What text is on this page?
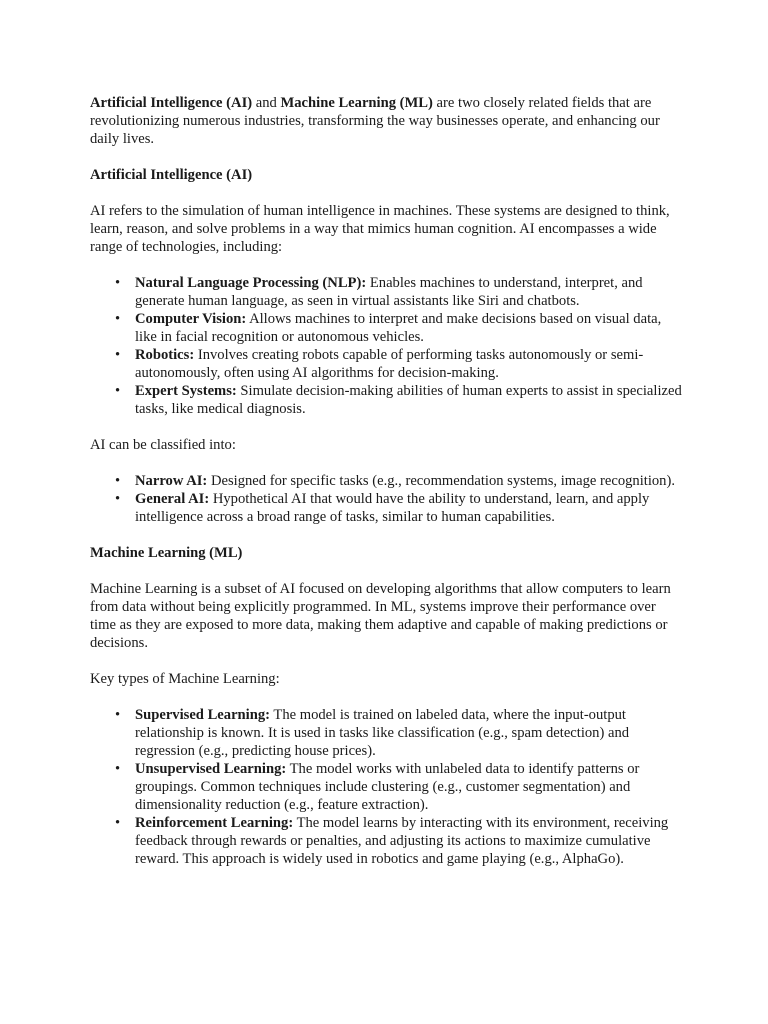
Artificial Intelligence (AI) and Machine Learning (ML) are two closely related fields that are revolutionizing numerous industries, transforming the way businesses operate, and enhancing our daily lives.

Artificial Intelligence (AI)

AI refers to the simulation of human intelligence in machines. These systems are designed to think, learn, reason, and solve problems in a way that mimics human cognition. AI encompasses a wide range of technologies, including:

• Natural Language Processing (NLP): Enables machines to understand, interpret, and generate human language, as seen in virtual assistants like Siri and chatbots.
• Computer Vision: Allows machines to interpret and make decisions based on visual data, like in facial recognition or autonomous vehicles.
• Robotics: Involves creating robots capable of performing tasks autonomously or semi-autonomously, often using AI algorithms for decision-making.
• Expert Systems: Simulate decision-making abilities of human experts to assist in specialized tasks, like medical diagnosis.

AI can be classified into:

• Narrow AI: Designed for specific tasks (e.g., recommendation systems, image recognition).
• General AI: Hypothetical AI that would have the ability to understand, learn, and apply intelligence across a broad range of tasks, similar to human capabilities.

Machine Learning (ML)

Machine Learning is a subset of AI focused on developing algorithms that allow computers to learn from data without being explicitly programmed. In ML, systems improve their performance over time as they are exposed to more data, making them adaptive and capable of making predictions or decisions.

Key types of Machine Learning:

• Supervised Learning: The model is trained on labeled data, where the input-output relationship is known. It is used in tasks like classification (e.g., spam detection) and regression (e.g., predicting house prices).
• Unsupervised Learning: The model works with unlabeled data to identify patterns or groupings. Common techniques include clustering (e.g., customer segmentation) and dimensionality reduction (e.g., feature extraction).
• Reinforcement Learning: The model learns by interacting with its environment, receiving feedback through rewards or penalties, and adjusting its actions to maximize cumulative reward. This approach is widely used in robotics and game playing (e.g., AlphaGo).
